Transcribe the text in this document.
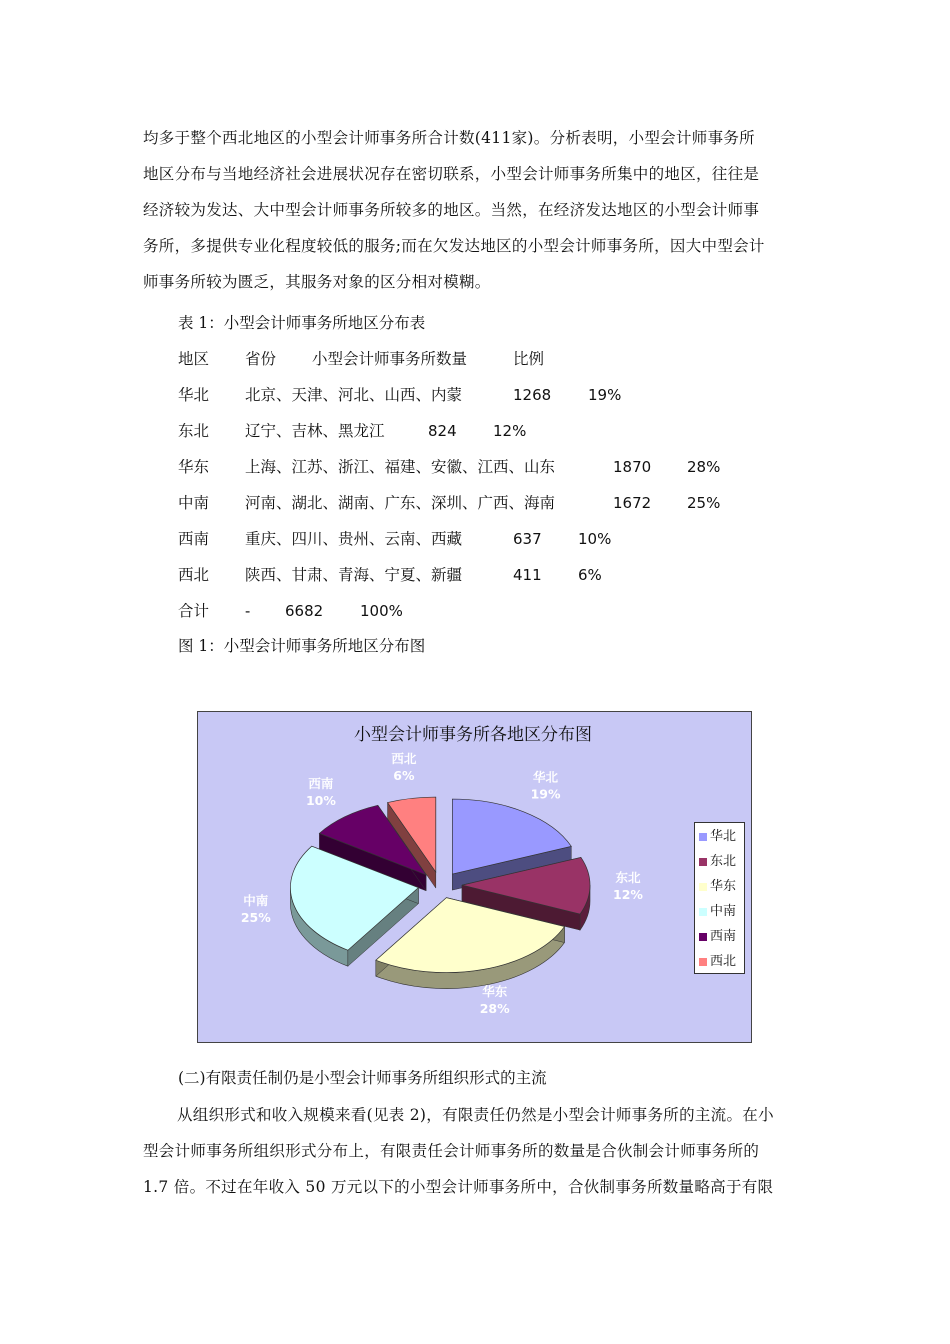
均多于整个西北地区的小型会计师事务所合计数(411家)。分析表明，小型会计师事务所
地区分布与当地经济社会进展状况存在密切联系，小型会计师事务所集中的地区，往往是
经济较为发达、大中型会计师事务所较多的地区。当然，在经济发达地区的小型会计师事
务所，多提供专业化程度较低的服务;而在欠发达地区的小型会计师事务所，因大中型会计
师事务所较为匮乏，其服务对象的区分相对模糊。
表 1：小型会计师事务所地区分布表
地区 省份 小型会计师事务所数量	比例
华北 北京、天津、河北、山西、内蒙	1268 19%
东北 辽宁、吉林、黑龙江	824 12%
华东 上海、江苏、浙江、福建、安徽、江西、山东	1870 28%
中南 河南、湖北、湖南、广东、深圳、广西、海南	1672 25%
西南 重庆、四川、贵州、云南、西藏	637 10%
西北 陕西、甘肃、青海、宁夏、新疆	411 6%
合计 - 6682 100%
图 1：小型会计师事务所地区分布图
小型会计师事务所各地区分布图
华北
19%
东北
12%
华东
28%
中南
25%
西南
10%
西北
6%
华北
东北
华东
中南
西南
西北
(二)有限责任制仍是小型会计师事务所组织形式的主流
从组织形式和收入规模来看(见表 2)，有限责任仍然是小型会计师事务所的主流。在小
型会计师事务所组织形式分布上，有限责任会计师事务所的数量是合伙制会计师事务所的
1.7 倍。不过在年收入 50 万元以下的小型会计师事务所中，合伙制事务所数量略高于有限
